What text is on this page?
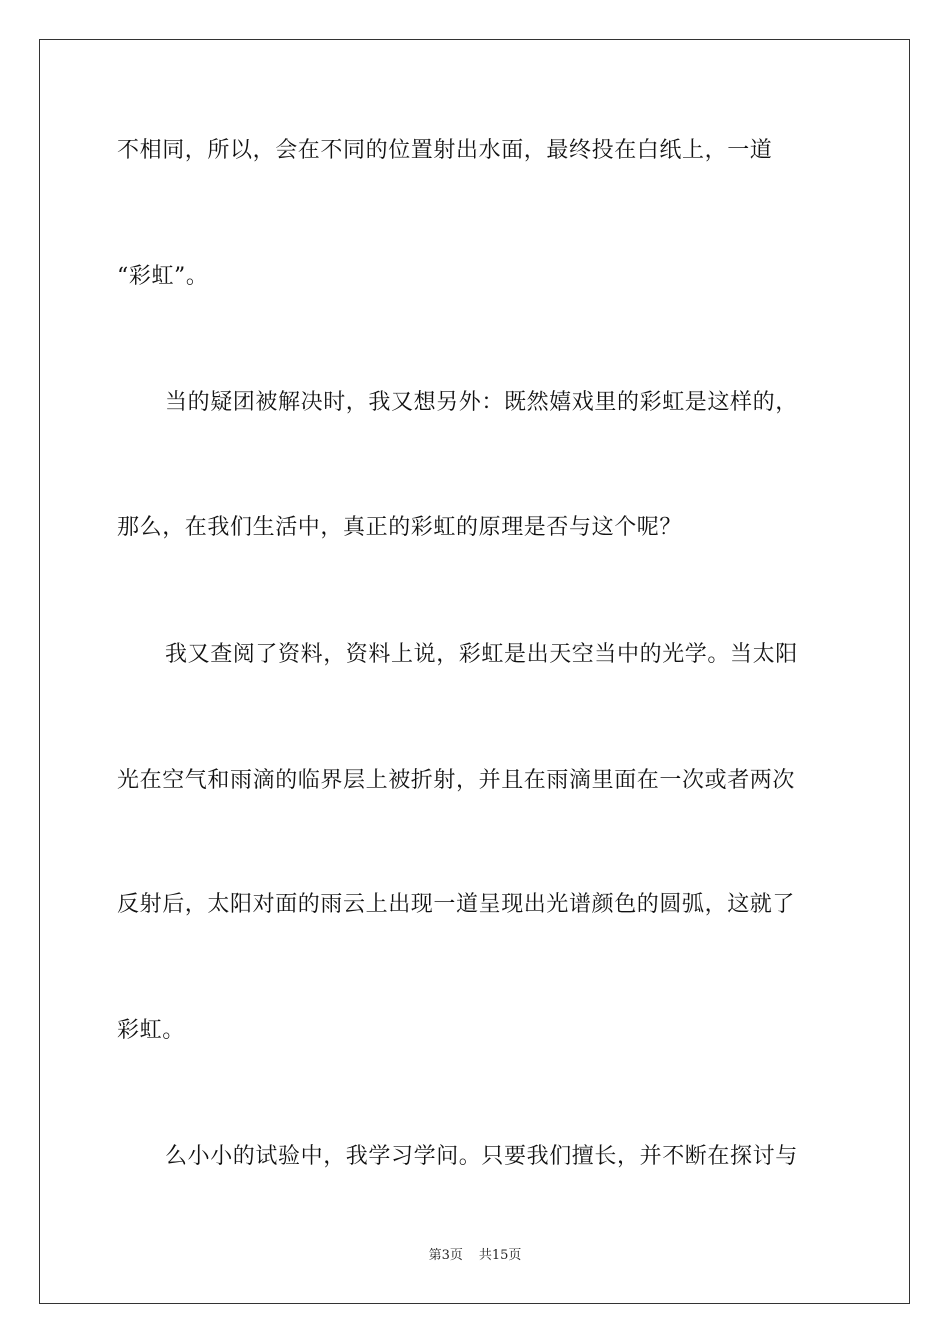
不相同，所以，会在不同的位置射出水面，最终投在白纸上，一道
“彩虹”。
当的疑团被解决时，我又想另外：既然嬉戏里的彩虹是这样的，
那么，在我们生活中，真正的彩虹的原理是否与这个呢？
我又查阅了资料，资料上说，彩虹是出天空当中的光学。当太阳
光在空气和雨滴的临界层上被折射，并且在雨滴里面在一次或者两次
反射后，太阳对面的雨云上出现一道呈现出光谱颜色的圆弧，这就了
彩虹。
么小小的试验中，我学习学问。只要我们擅长，并不断在探讨与
第3页 共15页
